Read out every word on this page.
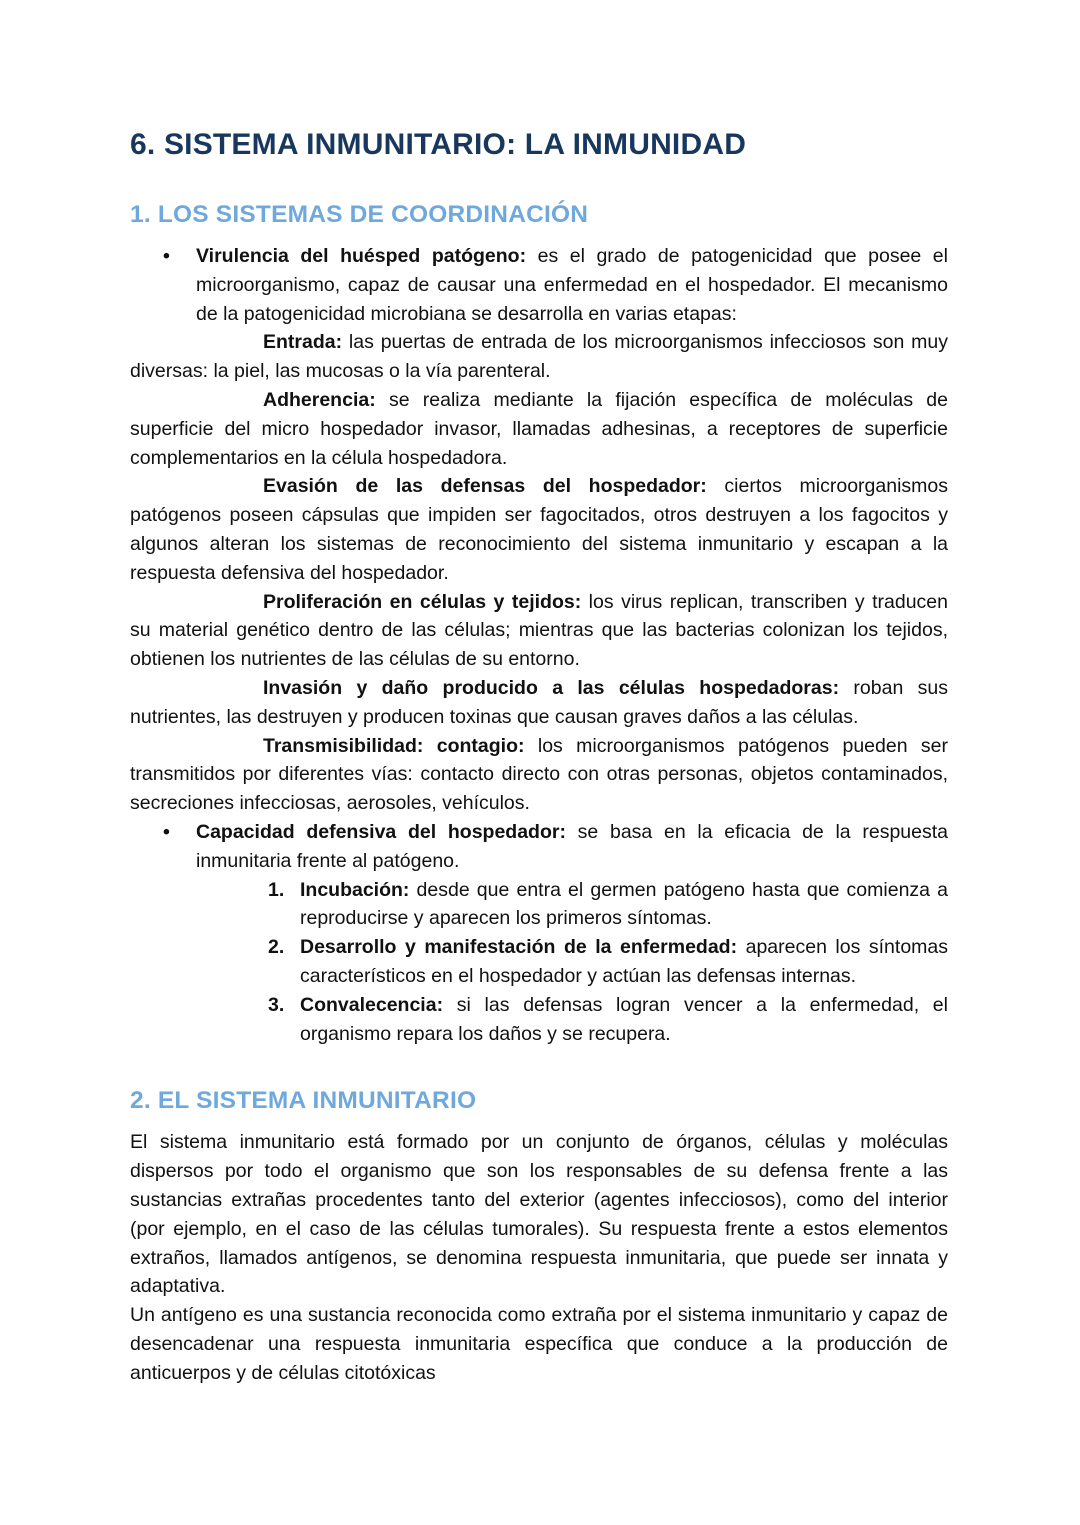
6. SISTEMA INMUNITARIO: LA INMUNIDAD
1. LOS SISTEMAS DE COORDINACIÓN

• Virulencia del huésped patógeno: es el grado de patogenicidad que posee el microorganismo, capaz de causar una enfermedad en el hospedador. El mecanismo de la patogenicidad microbiana se desarrolla en varias etapas:

Entrada: las puertas de entrada de los microorganismos infecciosos son muy diversas: la piel, las mucosas o la vía parenteral.

Adherencia: se realiza mediante la fijación específica de moléculas de superficie del micro hospedador invasor, llamadas adhesinas, a receptores de superficie complementarios en la célula hospedadora.

Evasión de las defensas del hospedador: ciertos microorganismos patógenos poseen cápsulas que impiden ser fagocitados, otros destruyen a los fagocitos y algunos alteran los sistemas de reconocimiento del sistema inmunitario y escapan a la respuesta defensiva del hospedador.

Proliferación en células y tejidos: los virus replican, transcriben y traducen su material genético dentro de las células; mientras que las bacterias colonizan los tejidos, obtienen los nutrientes de las células de su entorno.

Invasión y daño producido a las células hospedadoras: roban sus nutrientes, las destruyen y producen toxinas que causan graves daños a las células.

Transmisibilidad: contagio: los microorganismos patógenos pueden ser transmitidos por diferentes vías: contacto directo con otras personas, objetos contaminados, secreciones infecciosas, aerosoles, vehículos.

• Capacidad defensiva del hospedador: se basa en la eficacia de la respuesta inmunitaria frente al patógeno.

1. Incubación: desde que entra el germen patógeno hasta que comienza a reproducirse y aparecen los primeros síntomas.

2. Desarrollo y manifestación de la enfermedad: aparecen los síntomas característicos en el hospedador y actúan las defensas internas.

3. Convalecencia: si las defensas logran vencer a la enfermedad, el organismo repara los daños y se recupera.

2. EL SISTEMA INMUNITARIO

El sistema inmunitario está formado por un conjunto de órganos, células y moléculas dispersos por todo el organismo que son los responsables de su defensa frente a las sustancias extrañas procedentes tanto del exterior (agentes infecciosos), como del interior (por ejemplo, en el caso de las células tumorales). Su respuesta frente a estos elementos extraños, llamados antígenos, se denomina respuesta inmunitaria, que puede ser innata y adaptativa.

Un antígeno es una sustancia reconocida como extraña por el sistema inmunitario y capaz de desencadenar una respuesta inmunitaria específica que conduce a la producción de anticuerpos y de células citotóxicas
